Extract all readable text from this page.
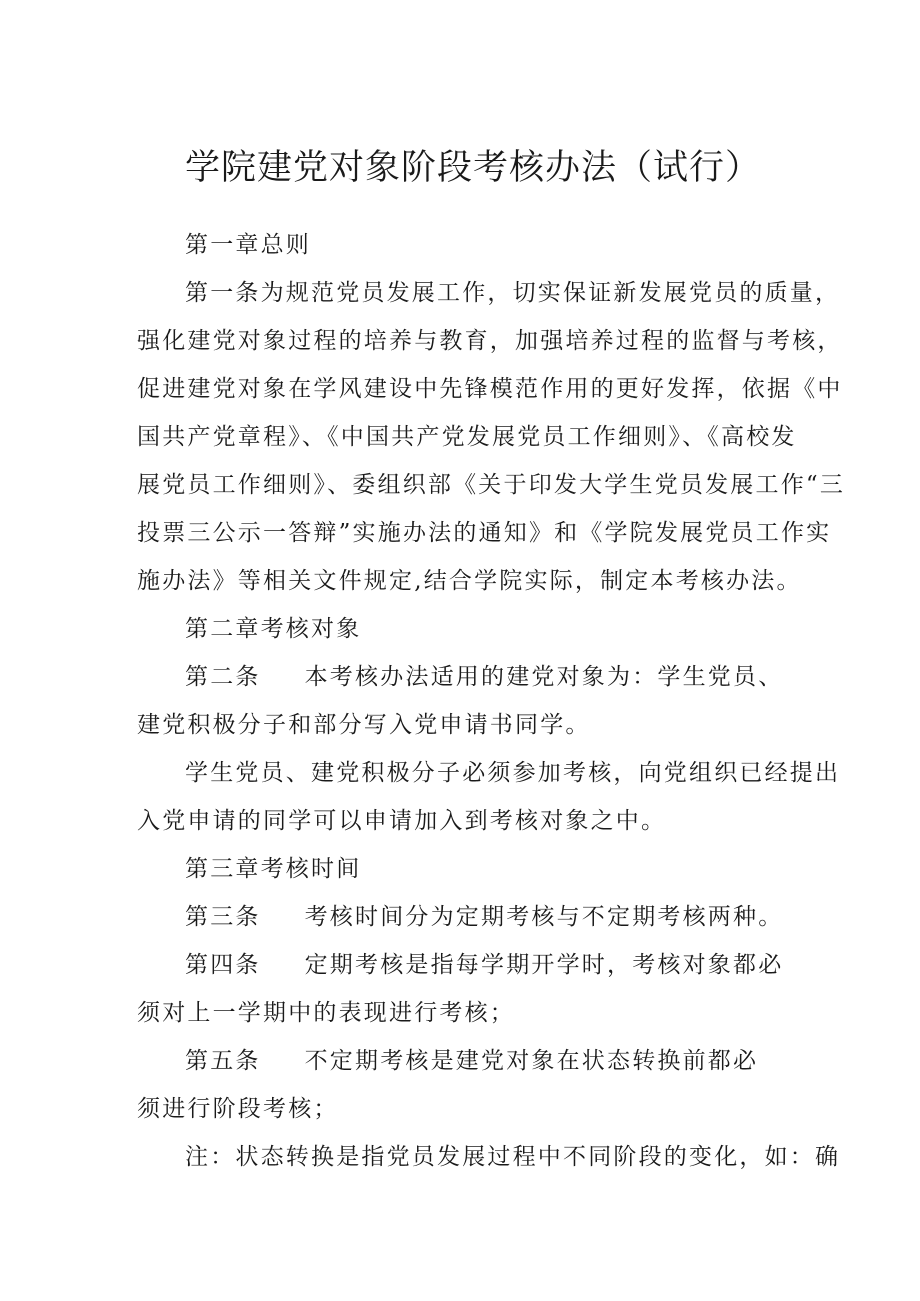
学院建党对象阶段考核办法（试行）

第一章总则

第一条为规范党员发展工作，切实保证新发展党员的质量，

强化建党对象过程的培养与教育，加强培养过程的监督与考核，

促进建党对象在学风建设中先锋模范作用的更好发挥，依据《中

国共产党章程》、《中国共产党发展党员工作细则》、《高校发

展党员工作细则》、委组织部《关于印发大学生党员发展工作“三

投票三公示一答辩”实施办法的通知》和《学院发展党员工作实

施办法》等相关文件规定,结合学院实际，制定本考核办法。

第二章考核对象

第二条 本考核办法适用的建党对象为：学生党员、

建党积极分子和部分写入党申请书同学。

学生党员、建党积极分子必须参加考核，向党组织已经提出

入党申请的同学可以申请加入到考核对象之中。

第三章考核时间

第三条 考核时间分为定期考核与不定期考核两种。

第四条 定期考核是指每学期开学时，考核对象都必

须对上一学期中的表现进行考核；

第五条 不定期考核是建党对象在状态转换前都必

须进行阶段考核；

注：状态转换是指党员发展过程中不同阶段的变化，如：确
